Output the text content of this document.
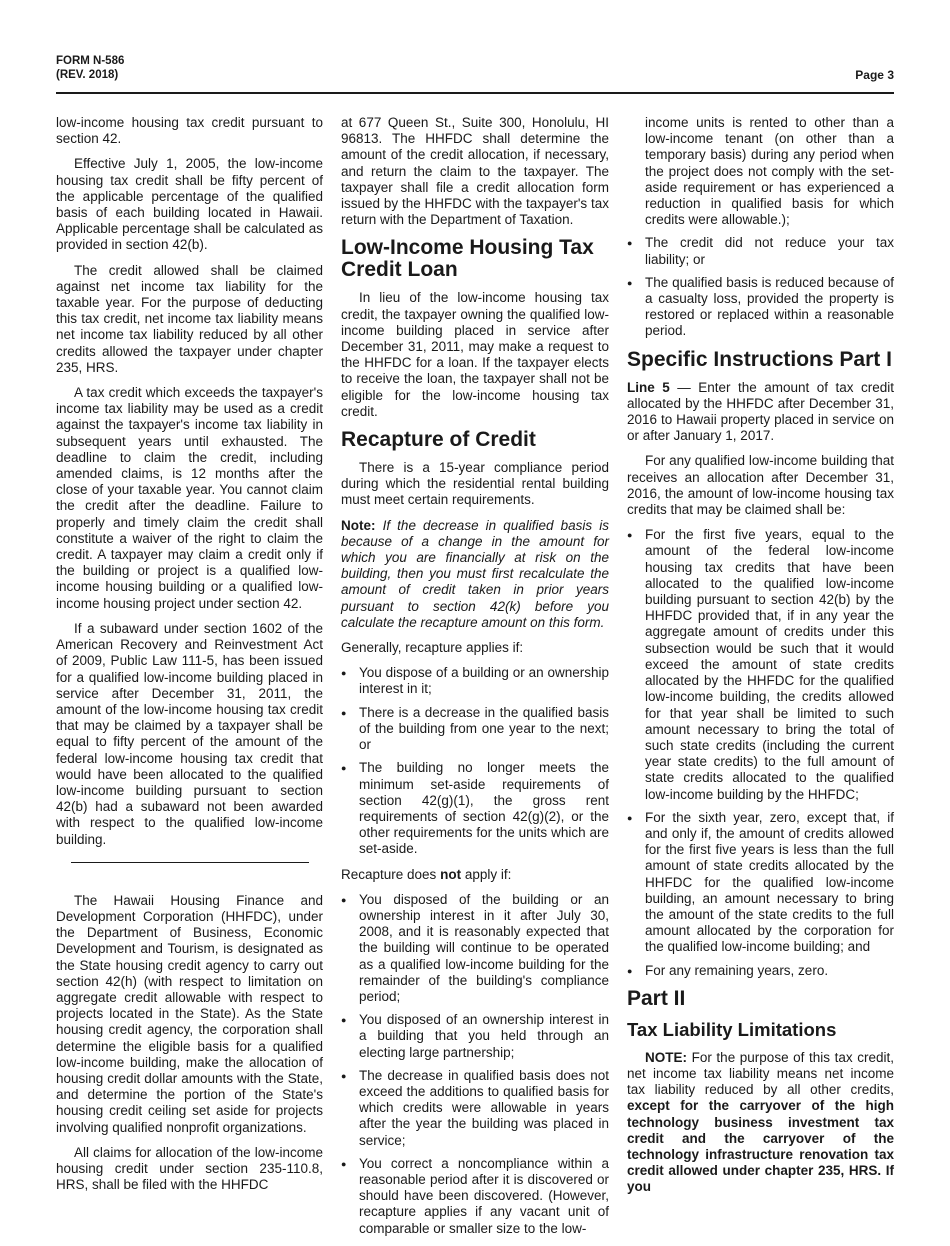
FORM N-586
(REV. 2018)	Page 3

low-income housing tax credit pursuant to section 42.

Effective July 1, 2005, the low-income housing tax credit shall be fifty percent of the applicable percentage of the qualified basis of each building located in Hawaii. Applicable percentage shall be calculated as provided in section 42(b).

The credit allowed shall be claimed against net income tax liability for the taxable year. For the purpose of deducting this tax credit, net income tax liability means net income tax liability reduced by all other credits allowed the taxpayer under chapter 235, HRS.

A tax credit which exceeds the taxpayer's income tax liability may be used as a credit against the taxpayer's income tax liability in subsequent years until exhausted. The deadline to claim the credit, including amended claims, is 12 months after the close of your taxable year. You cannot claim the credit after the deadline. Failure to properly and timely claim the credit shall constitute a waiver of the right to claim the credit. A taxpayer may claim a credit only if the building or project is a qualified low-income housing building or a qualified low-income housing project under section 42.

If a subaward under section 1602 of the American Recovery and Reinvestment Act of 2009, Public Law 111-5, has been issued for a qualified low-income building placed in service after December 31, 2011, the amount of the low-income housing tax credit that may be claimed by a taxpayer shall be equal to fifty percent of the amount of the federal low-income housing tax credit that would have been allocated to the qualified low-income building pursuant to section 42(b) had a subaward not been awarded with respect to the qualified low-income building.

The Hawaii Housing Finance and Development Corporation (HHFDC), under the Department of Business, Economic Development and Tourism, is designated as the State housing credit agency to carry out section 42(h) (with respect to limitation on aggregate credit allowable with respect to projects located in the State). As the State housing credit agency, the corporation shall determine the eligible basis for a qualified low-income building, make the allocation of housing credit dollar amounts with the State, and determine the portion of the State's housing credit ceiling set aside for projects involving qualified nonprofit organizations.

All claims for allocation of the low-income housing credit under section 235-110.8, HRS, shall be filed with the HHFDC

at 677 Queen St., Suite 300, Honolulu, HI 96813. The HHFDC shall determine the amount of the credit allocation, if necessary, and return the claim to the taxpayer. The taxpayer shall file a credit allocation form issued by the HHFDC with the taxpayer's tax return with the Department of Taxation.

Low-Income Housing Tax Credit Loan

In lieu of the low-income housing tax credit, the taxpayer owning the qualified low-income building placed in service after December 31, 2011, may make a request to the HHFDC for a loan. If the taxpayer elects to receive the loan, the taxpayer shall not be eligible for the low-income housing tax credit.

Recapture of Credit

There is a 15-year compliance period during which the residential rental building must meet certain requirements.

Note: If the decrease in qualified basis is because of a change in the amount for which you are financially at risk on the building, then you must first recalculate the amount of credit taken in prior years pursuant to section 42(k) before you calculate the recapture amount on this form.

Generally, recapture applies if:

● You dispose of a building or an ownership interest in it;
● There is a decrease in the qualified basis of the building from one year to the next; or
● The building no longer meets the minimum set-aside requirements of section 42(g)(1), the gross rent requirements of section 42(g)(2), or the other requirements for the units which are set-aside.

Recapture does not apply if:

● You disposed of the building or an ownership interest in it after July 30, 2008, and it is reasonably expected that the building will continue to be operated as a qualified low-income building for the remainder of the building's compliance period;
● You disposed of an ownership interest in a building that you held through an electing large partnership;
● The decrease in qualified basis does not exceed the additions to qualified basis for which credits were allowable in years after the year the building was placed in service;
● You correct a noncompliance within a reasonable period after it is discovered or should have been discovered. (However, recapture applies if any vacant unit of comparable or smaller size to the low-
income units is rented to other than a low-income tenant (on other than a temporary basis) during any period when the project does not comply with the set-aside requirement or has experienced a reduction in qualified basis for which credits were allowable.);
● The credit did not reduce your tax liability; or
● The qualified basis is reduced because of a casualty loss, provided the property is restored or replaced within a reasonable period.
Specific Instructions Part I

Line 5 — Enter the amount of tax credit allocated by the HHFDC after December 31, 2016 to Hawaii property placed in service on or after January 1, 2017.

For any qualified low-income building that receives an allocation after December 31, 2016, the amount of low-income housing tax credits that may be claimed shall be:

● For the first five years, equal to the amount of the federal low-income housing tax credits that have been allocated to the qualified low-income building pursuant to section 42(b) by the HHFDC provided that, if in any year the aggregate amount of credits under this subsection would be such that it would exceed the amount of state credits allocated by the HHFDC for the qualified low-income building, the credits allowed for that year shall be limited to such amount necessary to bring the total of such state credits (including the current year state credits) to the full amount of state credits allocated to the qualified low-income building by the HHFDC;
● For the sixth year, zero, except that, if and only if, the amount of credits allowed for the first five years is less than the full amount of state credits allocated by the HHFDC for the qualified low-income building, an amount necessary to bring the amount of the state credits to the full amount allocated by the corporation for the qualified low-income building; and
● For any remaining years, zero.
Part II
Tax Liability Limitations

NOTE: For the purpose of this tax credit, net income tax liability means net income tax liability reduced by all other credits, except for the carryover of the high technology business investment tax credit and the carryover of the technology infrastructure renovation tax credit allowed under chapter 235, HRS. If you
